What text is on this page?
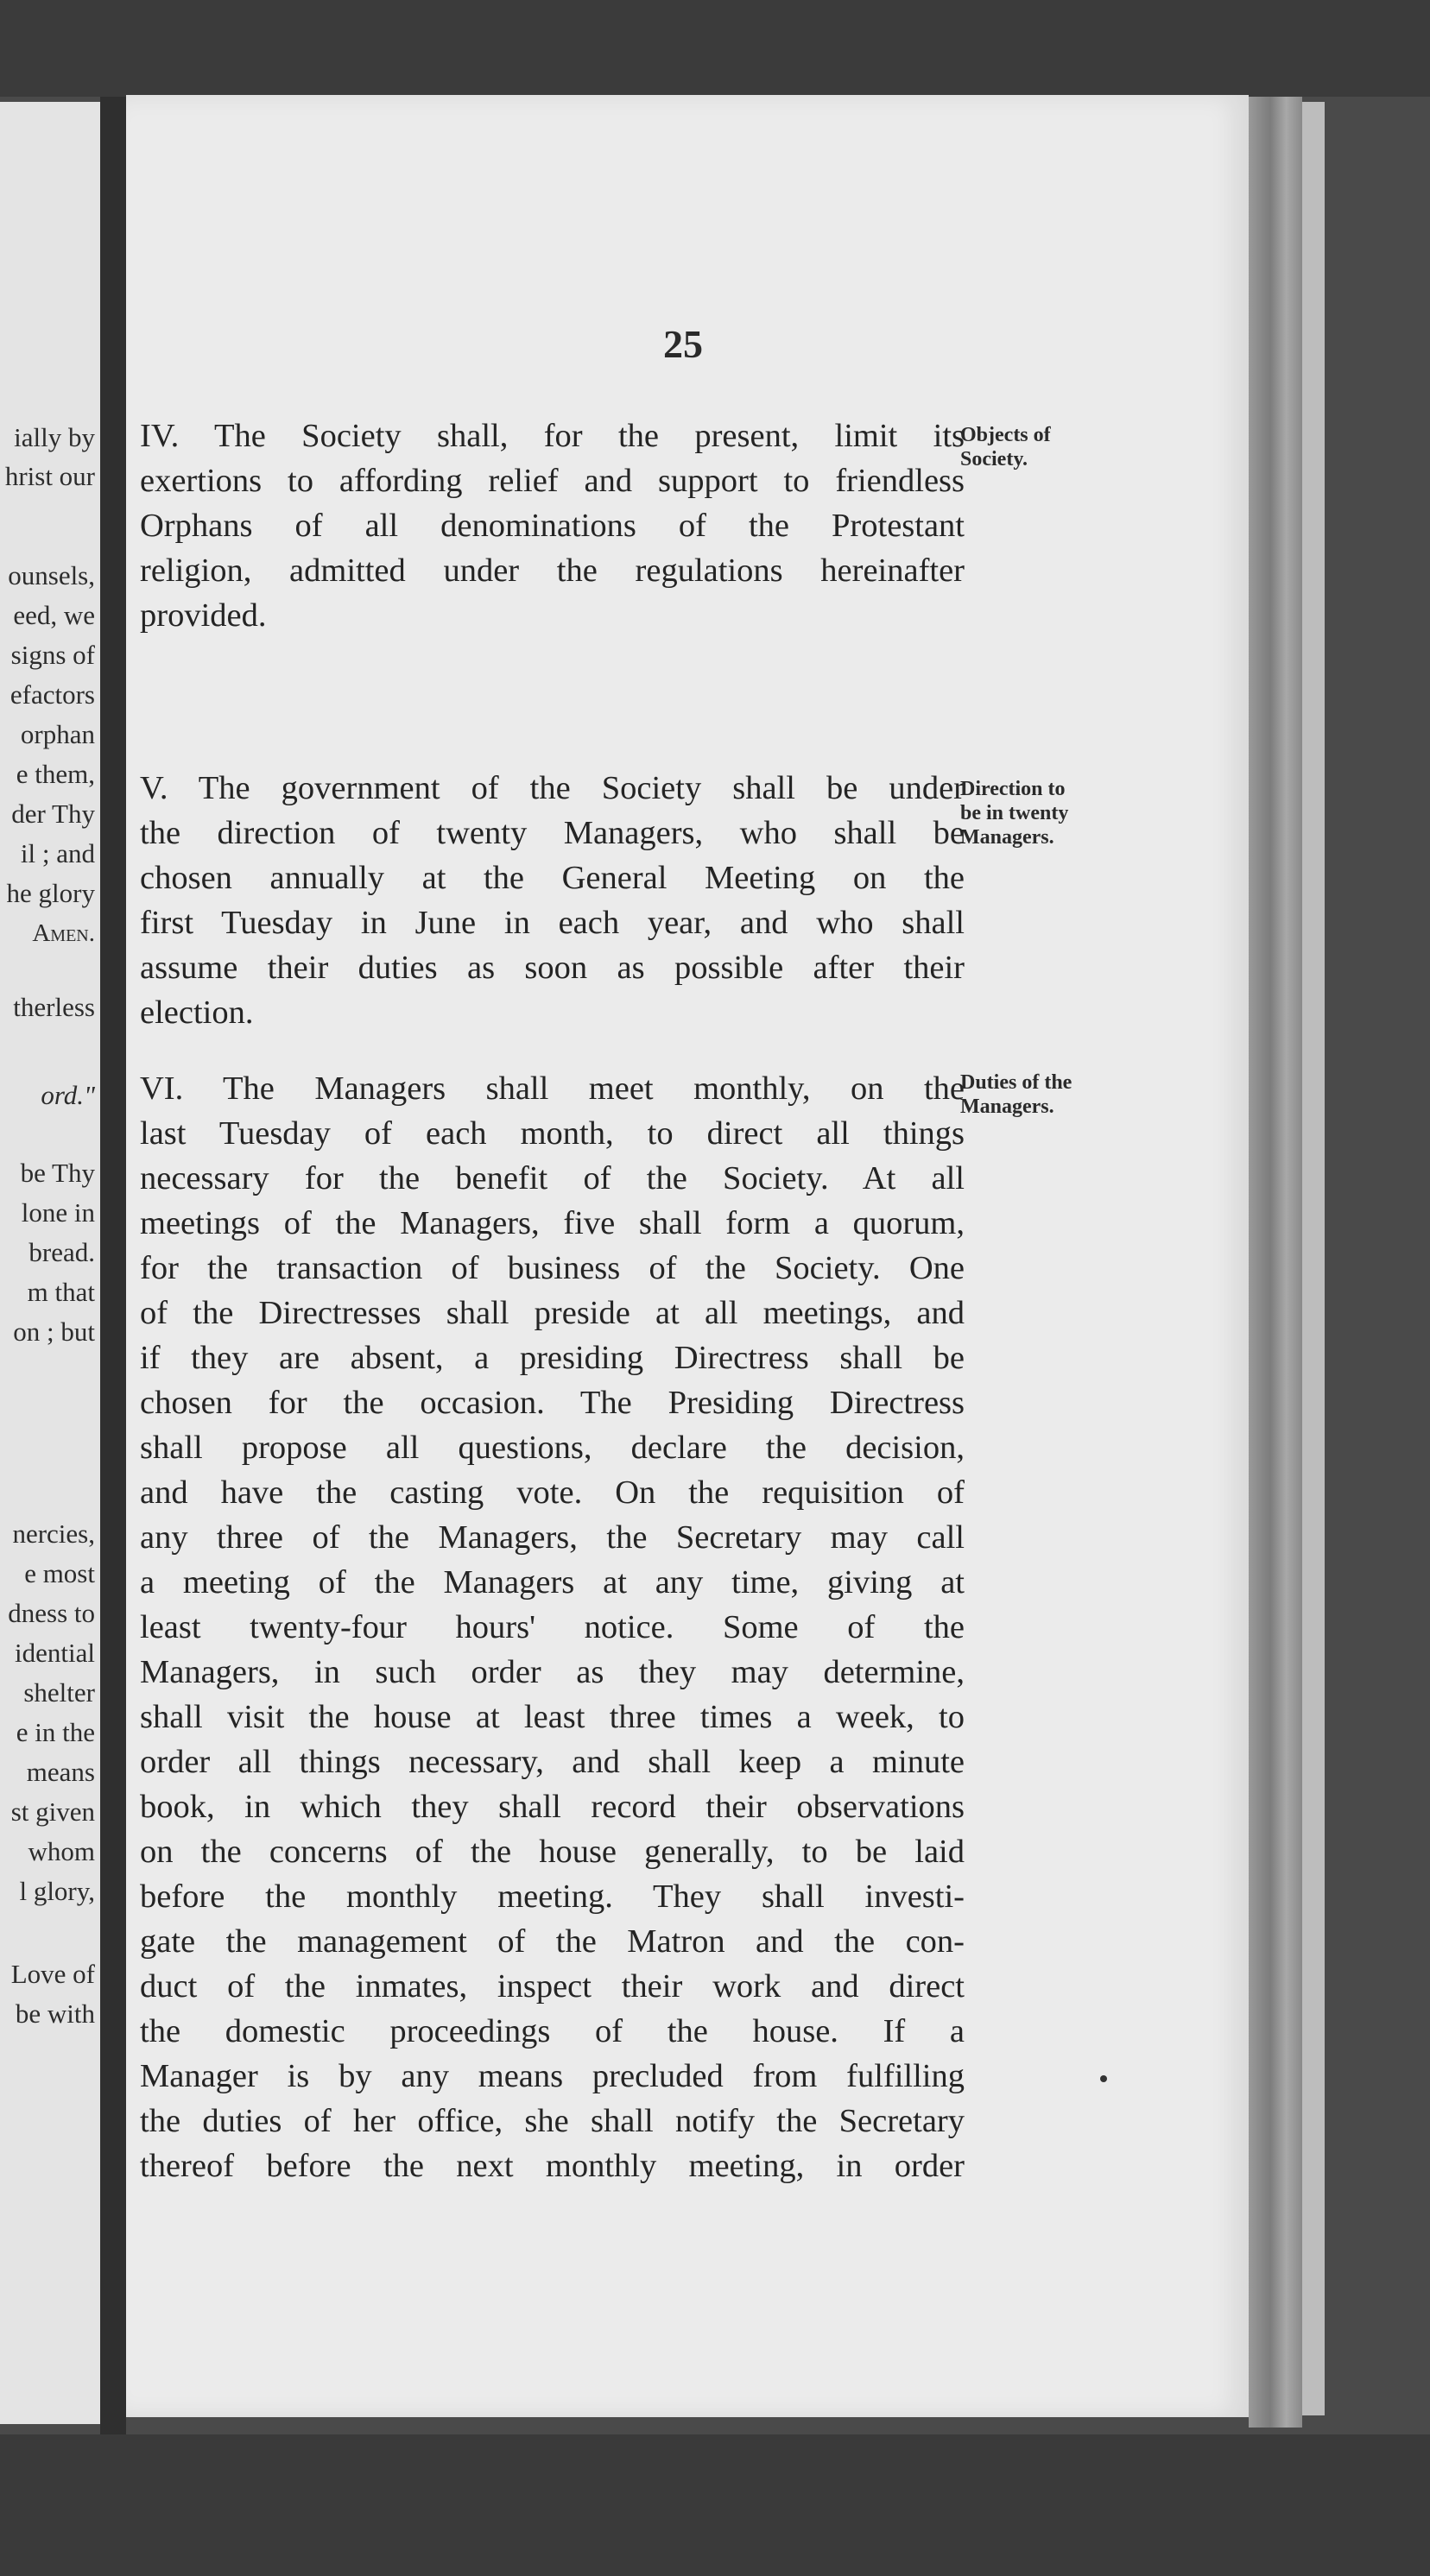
ially by

hrist our

ounsels,

eed, we

signs of

efactors

orphan

e them,

der Thy

il ; and

he glory

Amen.

therless

ord."

be Thy

lone in

bread.

m that

on ; but

nercies,

e most

dness to

idential

shelter

e in the

means

st given

whom

l glory,

Love of

be with

25

IV. The Society shall, for the present, limit its
exertions to affording relief and support to friendless
Orphans of all denominations of the Protestant
religion, admitted under the regulations hereinafter
provided.
Objects of
Society.
V. The government of the Society shall be under
the direction of twenty Managers, who shall be
chosen annually at the General Meeting on the
first Tuesday in June in each year, and who shall
assume their duties as soon as possible after their
election.
Direction to
be in twenty
Managers.
VI. The Managers shall meet monthly, on the
last Tuesday of each month, to direct all things
necessary for the benefit of the Society. At all
meetings of the Managers, five shall form a quorum,
for the transaction of business of the Society. One
of the Directresses shall preside at all meetings, and
if they are absent, a presiding Directress shall be
chosen for the occasion. The Presiding Directress
shall propose all questions, declare the decision,
and have the casting vote. On the requisition of
any three of the Managers, the Secretary may call
a meeting of the Managers at any time, giving at
least twenty-four hours' notice. Some of the
Managers, in such order as they may determine,
shall visit the house at least three times a week, to
order all things necessary, and shall keep a minute
book, in which they shall record their observations
on the concerns of the house generally, to be laid
before the monthly meeting. They shall investi-
gate the management of the Matron and the con-
duct of the inmates, inspect their work and direct
the domestic proceedings of the house. If a
Manager is by any means precluded from fulfilling
the duties of her office, she shall notify the Secretary
thereof before the next monthly meeting, in order
Duties of the
Managers.
